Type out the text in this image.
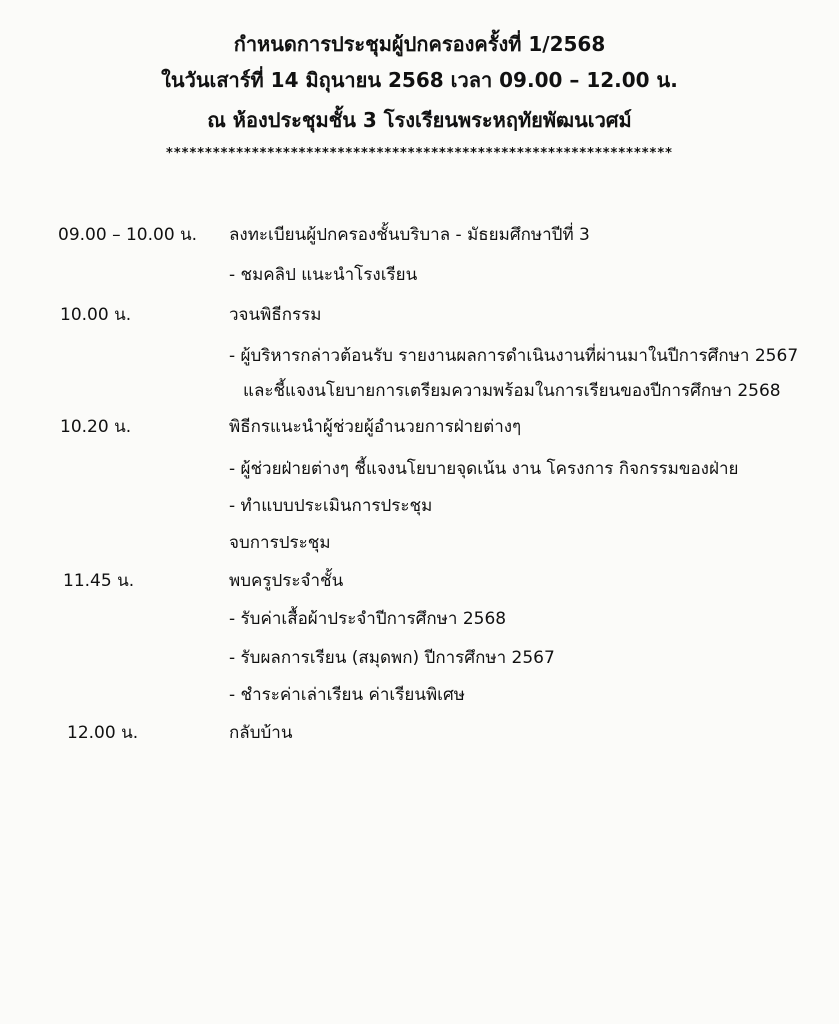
กำหนดการประชุมผู้ปกครองครั้งที่ 1/2568
ในวันเสาร์ที่ 14 มิถุนายน 2568 เวลา 09.00 – 12.00 น.
ณ ห้องประชุมชั้น 3 โรงเรียนพระหฤทัยพัฒนเวศม์
*****************************************************************
09.00 – 10.00 น. ลงทะเบียนผู้ปกครองชั้นบริบาล - มัธยมศึกษาปีที่ 3
- ชมคลิป แนะนำโรงเรียน
10.00 น.	วจนพิธีกรรม
- ผู้บริหารกล่าวต้อนรับ รายงานผลการดำเนินงานที่ผ่านมาในปีการศึกษา 2567
และชี้แจงนโยบายการเตรียมความพร้อมในการเรียนของปีการศึกษา 2568
10.20 น.	พิธีกรแนะนำผู้ช่วยผู้อำนวยการฝ่ายต่างๆ
- ผู้ช่วยฝ่ายต่างๆ ชี้แจงนโยบายจุดเน้น งาน โครงการ กิจกรรมของฝ่าย
- ทำแบบประเมินการประชุม
จบการประชุม
11.45 น.	พบครูประจำชั้น
- รับค่าเสื้อผ้าประจำปีการศึกษา 2568
- รับผลการเรียน (สมุดพก) ปีการศึกษา 2567
- ชำระค่าเล่าเรียน ค่าเรียนพิเศษ
12.00 น.	กลับบ้าน
